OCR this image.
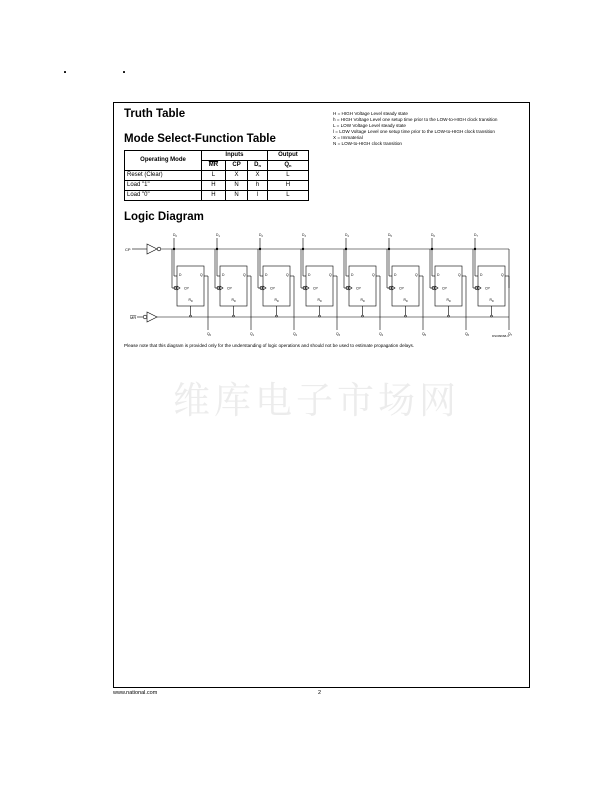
Truth Table
Mode Select-Function Table
H = HIGH Voltage Level steady state
h = HIGH Voltage Level one setup time prior to the LOW-to-HIGH clock transition
L = LOW Voltage Level steady state
l = LOW Voltage Level one setup time prior to the LOW-to-HIGH clock transition
X = Immaterial
N = LOW-to-HIGH clock transition
Operating Mode	Inputs			Output
	$\overline{MR}$	CP	$D_n$	$Q_n$
Reset (Clear)	L	X	X	L
Load "1"	H	N	h	H
Load "0"	H	N	l	L
Logic Diagram
CP
MR
DS009668-3
$D_0$
D	Q
CP
$R_D$
$Q_0$
$D_1$
D	Q
CP
$R_D$
$Q_1$
$D_2$
D	Q
CP
$R_D$
$Q_2$
$D_3$
D	Q
CP
$R_D$
$Q_3$
$D_4$
D	Q
CP
$R_D$
$Q_4$
$D_5$
D	Q
CP
$R_D$
$Q_5$
$D_6$
D	Q
CP
$R_D$
$Q_6$
$D_7$
D	Q
CP
$R_D$
$Q_7$
Please note that this diagram is provided only for the understanding of logic operations and should not be used to estimate propagation delays.
维库电子市场网
www.national.com	2
